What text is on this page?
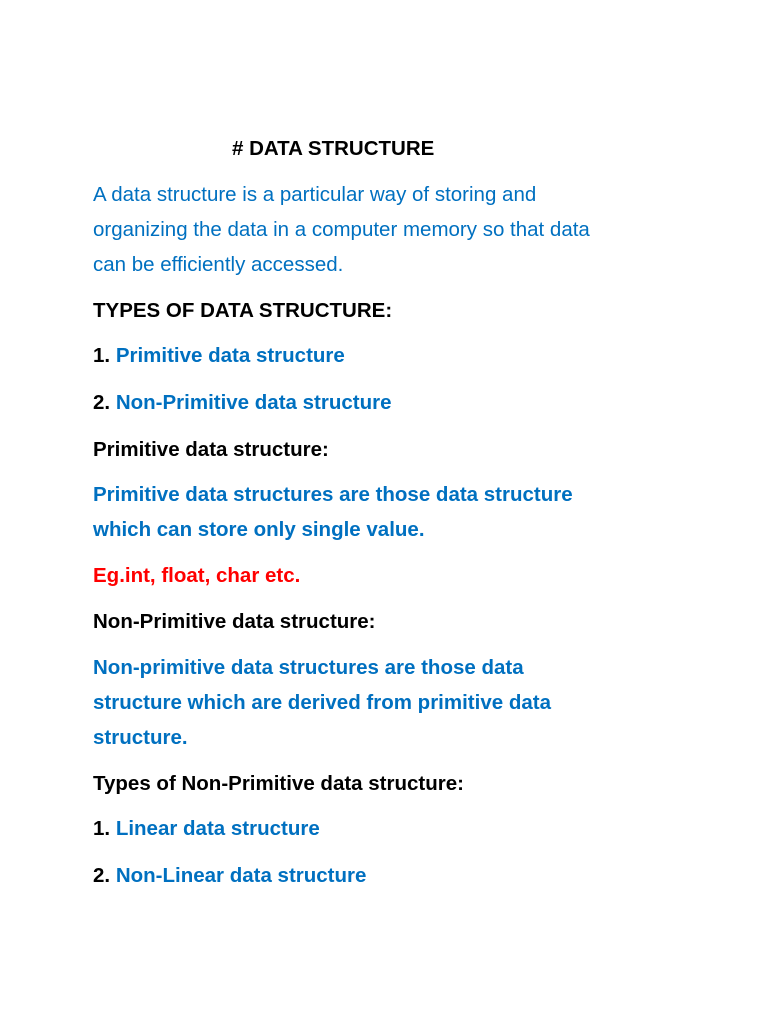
# DATA STRUCTURE
A data structure is a particular way of storing and
organizing the data in a computer memory so that data
can be efficiently accessed.
TYPES OF DATA STRUCTURE:
1. Primitive data structure
2. Non-Primitive data structure
Primitive data structure:
Primitive data structures are those data structure
which can store only single value.
Eg.int, float, char etc.
Non-Primitive data structure:
Non-primitive data structures are those data
structure which are derived from primitive data
structure.
Types of Non-Primitive data structure:
1. Linear data structure
2. Non-Linear data structure
